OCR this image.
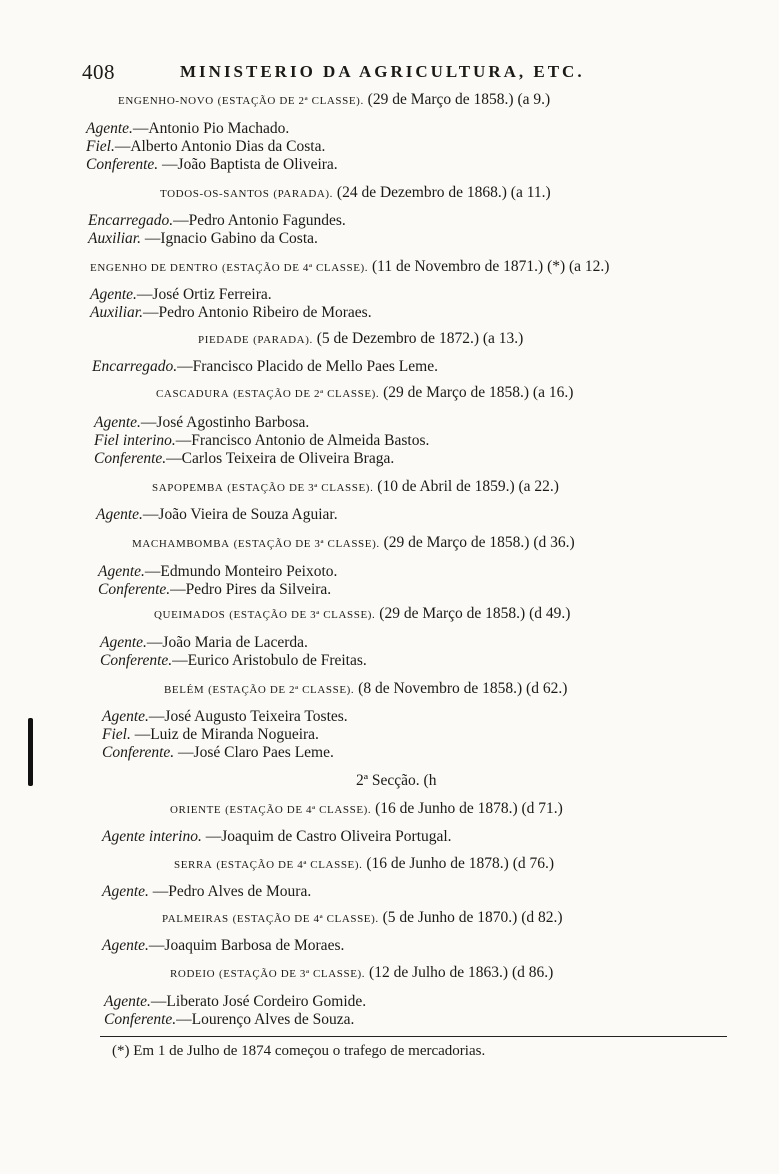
408	MINISTERIO DA AGRICULTURA, ETC.
ENGENHO-NOVO (ESTAÇÃO DE 2ª CLASSE). (29 de Março de 1858.) (a 9.)
Agente.—Antonio Pio Machado.
Fiel.—Alberto Antonio Dias da Costa.
Conferente. —João Baptista de Oliveira.
TODOS-OS-SANTOS (PARADA). (24 de Dezembro de 1868.) (a 11.)
Encarregado.—Pedro Antonio Fagundes.
Auxiliar. —Ignacio Gabino da Costa.
ENGENHO DE DENTRO (ESTAÇÃO DE 4ª CLASSE). (11 de Novembro de 1871.) (*) (a 12.)
Agente.—José Ortiz Ferreira.
Auxiliar.—Pedro Antonio Ribeiro de Moraes.
PIEDADE (PARADA). (5 de Dezembro de 1872.) (a 13.)
Encarregado.—Francisco Placido de Mello Paes Leme.
CASCADURA (ESTAÇÃO DE 2ª CLASSE). (29 de Março de 1858.) (a 16.)
Agente.—José Agostinho Barbosa.
Fiel interino.—Francisco Antonio de Almeida Bastos.
Conferente.—Carlos Teixeira de Oliveira Braga.
SAPOPEMBA (ESTAÇÃO DE 3ª CLASSE). (10 de Abril de 1859.) (a 22.)
Agente.—João Vieira de Souza Aguiar.
MACHAMBOMBA (ESTAÇÃO DE 3ª CLASSE). (29 de Março de 1858.) (d 36.)
Agente.—Edmundo Monteiro Peixoto.
Conferente.—Pedro Pires da Silveira.
QUEIMADOS (ESTAÇÃO DE 3ª CLASSE). (29 de Março de 1858.) (d 49.)
Agente.—João Maria de Lacerda.
Conferente.—Eurico Aristobulo de Freitas.
BELÉM (ESTAÇÃO DE 2ª CLASSE). (8 de Novembro de 1858.) (d 62.)
Agente.—José Augusto Teixeira Tostes.
Fiel. —Luiz de Miranda Nogueira.
Conferente. —José Claro Paes Leme.
2ª Secção. (h
ORIENTE (ESTAÇÃO DE 4ª CLASSE). (16 de Junho de 1878.) (d 71.)
Agente interino. —Joaquim de Castro Oliveira Portugal.
SERRA (ESTAÇÃO DE 4ª CLASSE). (16 de Junho de 1878.) (d 76.)
Agente. —Pedro Alves de Moura.
PALMEIRAS (ESTAÇÃO DE 4ª CLASSE). (5 de Junho de 1870.) (d 82.)
Agente.—Joaquim Barbosa de Moraes.
RODEIO (ESTAÇÃO DE 3ª CLASSE). (12 de Julho de 1863.) (d 86.)
Agente.—Liberato José Cordeiro Gomide.
Conferente.—Lourenço Alves de Souza.
(*) Em 1 de Julho de 1874 começou o trafego de mercadorias.
